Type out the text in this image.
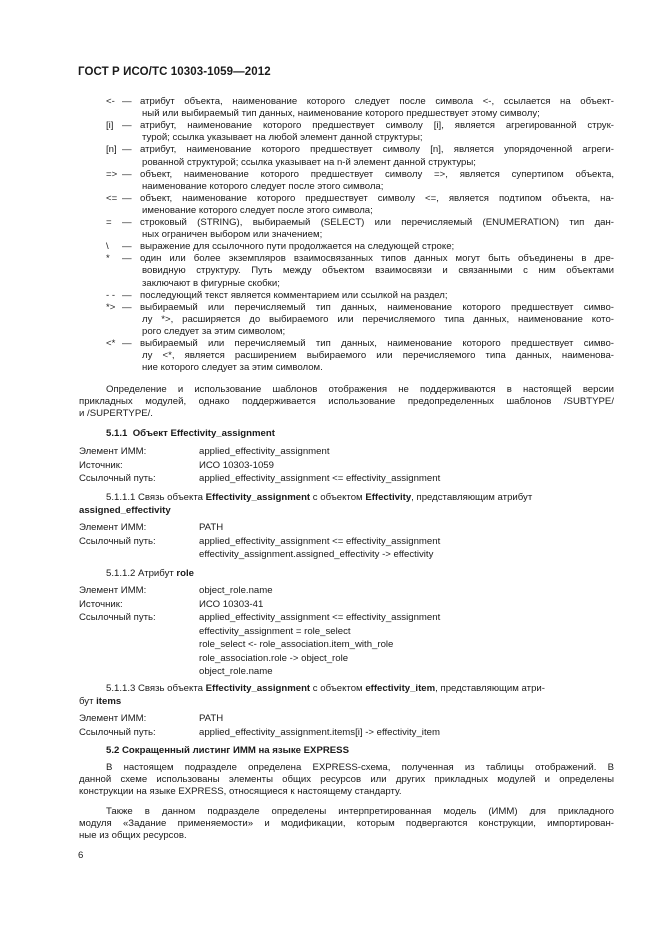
ГОСТ Р ИСО/ТС 10303-1059—2012
<- — атрибут объекта, наименование которого следует после символа <-, ссылается на объект-
ный или выбираемый тип данных, наименование которого предшествует этому символу;
[i] — атрибут, наименование которого предшествует символу [i], является агрегированной струк-
турой; ссылка указывает на любой элемент данной структуры;
[n] — атрибут, наименование которого предшествует символу [n], является упорядоченной агреги-
рованной структурой; ссылка указывает на n-й элемент данной структуры;
=> — объект, наименование которого предшествует символу =>, является супертипом объекта,
наименование которого следует после этого символа;
<= — объект, наименование которого предшествует символу <=, является подтипом объекта, на-
именование которого следует после этого символа;
= — строковый (STRING), выбираемый (SELECT) или перечисляемый (ENUMERATION) тип дан-
ных ограничен выбором или значением;
\ — выражение для ссылочного пути продолжается на следующей строке;
* — один или более экземпляров взаимосвязанных типов данных могут быть объединены в дре-
вовидную структуру. Путь между объектом взаимосвязи и связанными с ним объектами
заключают в фигурные скобки;
- - — последующий текст является комментарием или ссылкой на раздел;
*> — выбираемый или перечисляемый тип данных, наименование которого предшествует симво-
лу *>, расширяется до выбираемого или перечисляемого типа данных, наименование кото-
рого следует за этим символом;
<* — выбираемый или перечисляемый тип данных, наименование которого предшествует симво-
лу <*, является расширением выбираемого или перечисляемого типа данных, наименова-
ние которого следует за этим символом.
Определение и использование шаблонов отображения не поддерживаются в настоящей версии
прикладных модулей, однако поддерживается использование предопределенных шаблонов /SUBTYPE/
и /SUPERTYPE/.
5.1.1 Объект Effectivity_assignment
Элемент ИММ:	applied_effectivity_assignment
Источник:	ИСО 10303-1059
Ссылочный путь:	applied_effectivity_assignment <= effectivity_assignment
5.1.1.1 Связь объекта Effectivity_assignment с объектом Effectivity, представляющим атрибут
assigned_effectivity
Элемент ИММ:	PATH
Ссылочный путь:	applied_effectivity_assignment <= effectivity_assignment
effectivity_assignment.assigned_effectivity -> effectivity
5.1.1.2 Атрибут role
Элемент ИММ:	object_role.name
Источник:	ИСО 10303-41
Ссылочный путь:	applied_effectivity_assignment <= effectivity_assignment
effectivity_assignment = role_select
role_select <- role_association.item_with_role
role_association.role -> object_role
object_role.name
5.1.1.3 Связь объекта Effectivity_assignment с объектом effectivity_item, представляющим атри-
бут items
Элемент ИММ:	PATH
Ссылочный путь:	applied_effectivity_assignment.items[i] -> effectivity_item
5.2 Сокращенный листинг ИММ на языке EXPRESS
В настоящем подразделе определена EXPRESS-схема, полученная из таблицы отображений. В
данной схеме использованы элементы общих ресурсов или других прикладных модулей и определены
конструкции на языке EXPRESS, относящиеся к настоящему стандарту.
Также в данном подразделе определены интерпретированная модель (ИММ) для прикладного
модуля «Задание применяемости» и модификации, которым подвергаются конструкции, импортирован-
ные из общих ресурсов.
6
